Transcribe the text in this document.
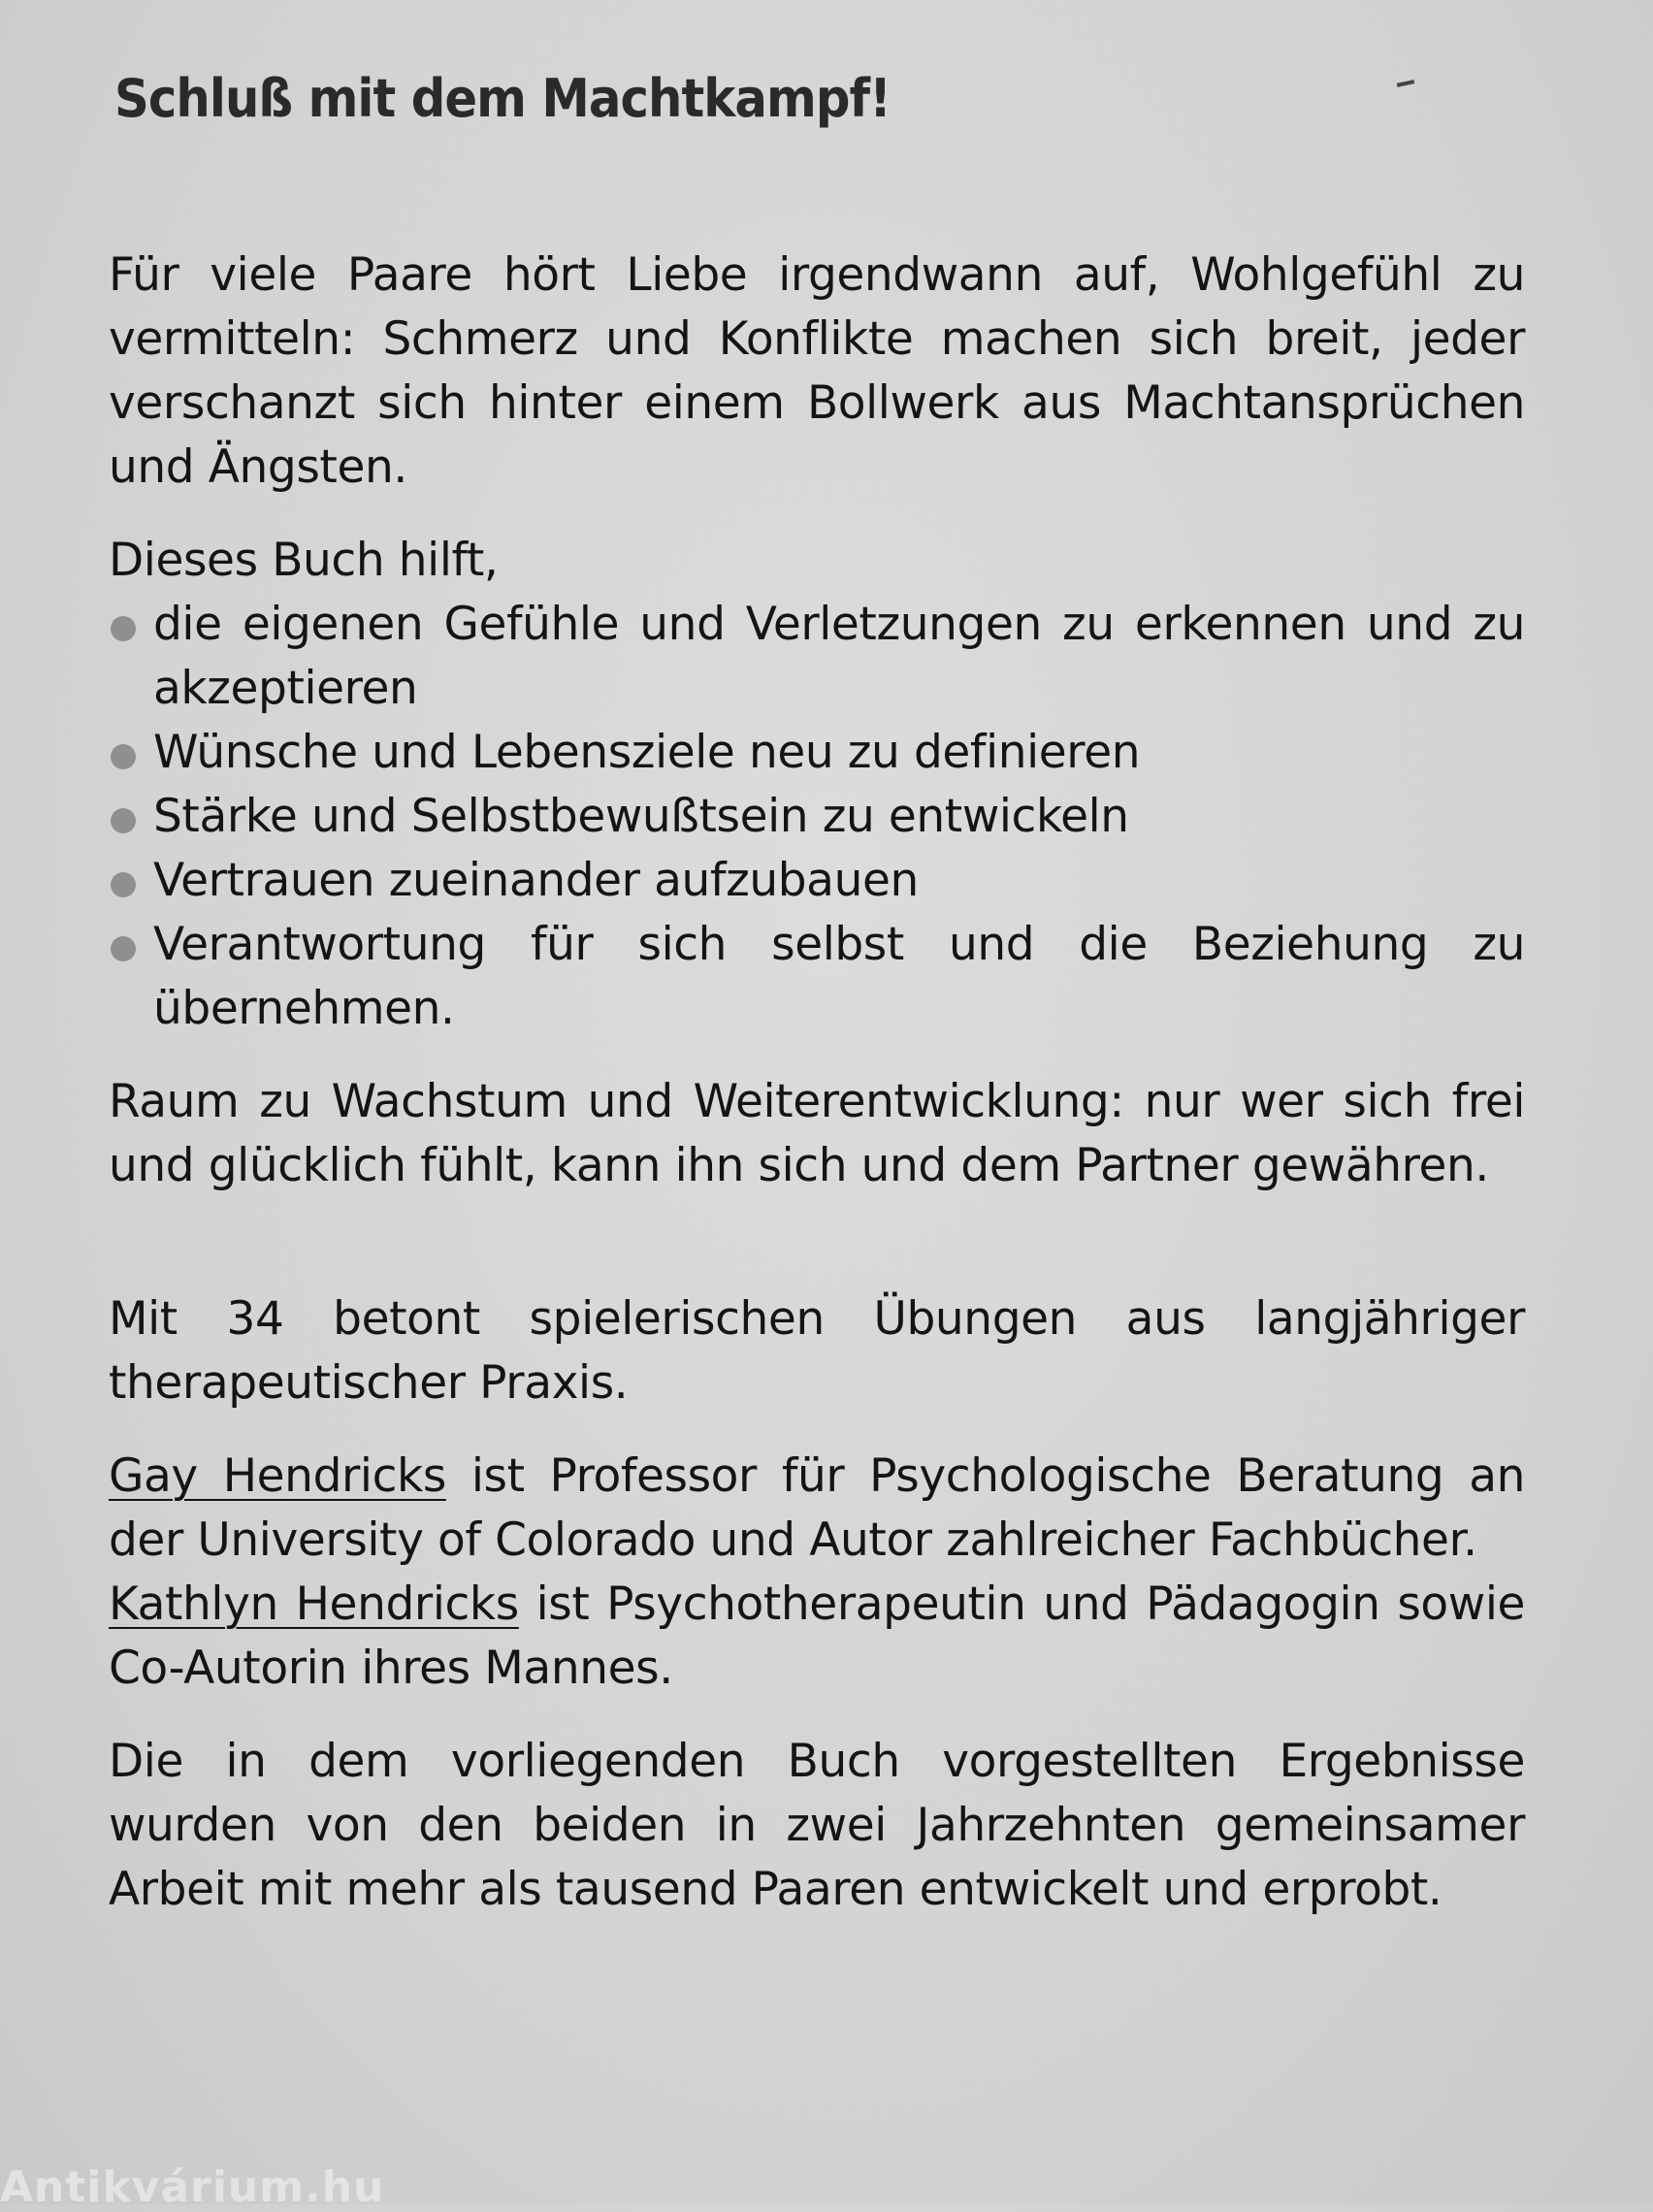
Schluß mit dem Machtkampf!

Für viele Paare hört Liebe irgendwann auf, Wohlgefühl zu vermitteln: Schmerz und Konflikte machen sich breit, jeder verschanzt sich hinter einem Bollwerk aus Machtansprüchen und Ängsten.

Dieses Buch hilft,

die eigenen Gefühle und Verletzungen zu erkennen und zu akzeptieren
Wünsche und Lebensziele neu zu definieren
Stärke und Selbstbewußtsein zu entwickeln
Vertrauen zueinander aufzubauen
Verantwortung für sich selbst und die Beziehung zu übernehmen.

Raum zu Wachstum und Weiterentwicklung: nur wer sich frei und glücklich fühlt, kann ihn sich und dem Partner gewähren.

Mit 34 betont spielerischen Übungen aus langjähriger therapeutischer Praxis.

Gay Hendricks ist Professor für Psychologische Beratung an der University of Colorado und Autor zahlreicher Fachbücher.

Kathlyn Hendricks ist Psychotherapeutin und Pädagogin sowie Co-Autorin ihres Mannes.

Die in dem vorliegenden Buch vorgestellten Ergebnisse wurden von den beiden in zwei Jahrzehnten gemeinsamer Arbeit mit mehr als tausend Paaren entwickelt und erprobt.

Antikvárium.hu
